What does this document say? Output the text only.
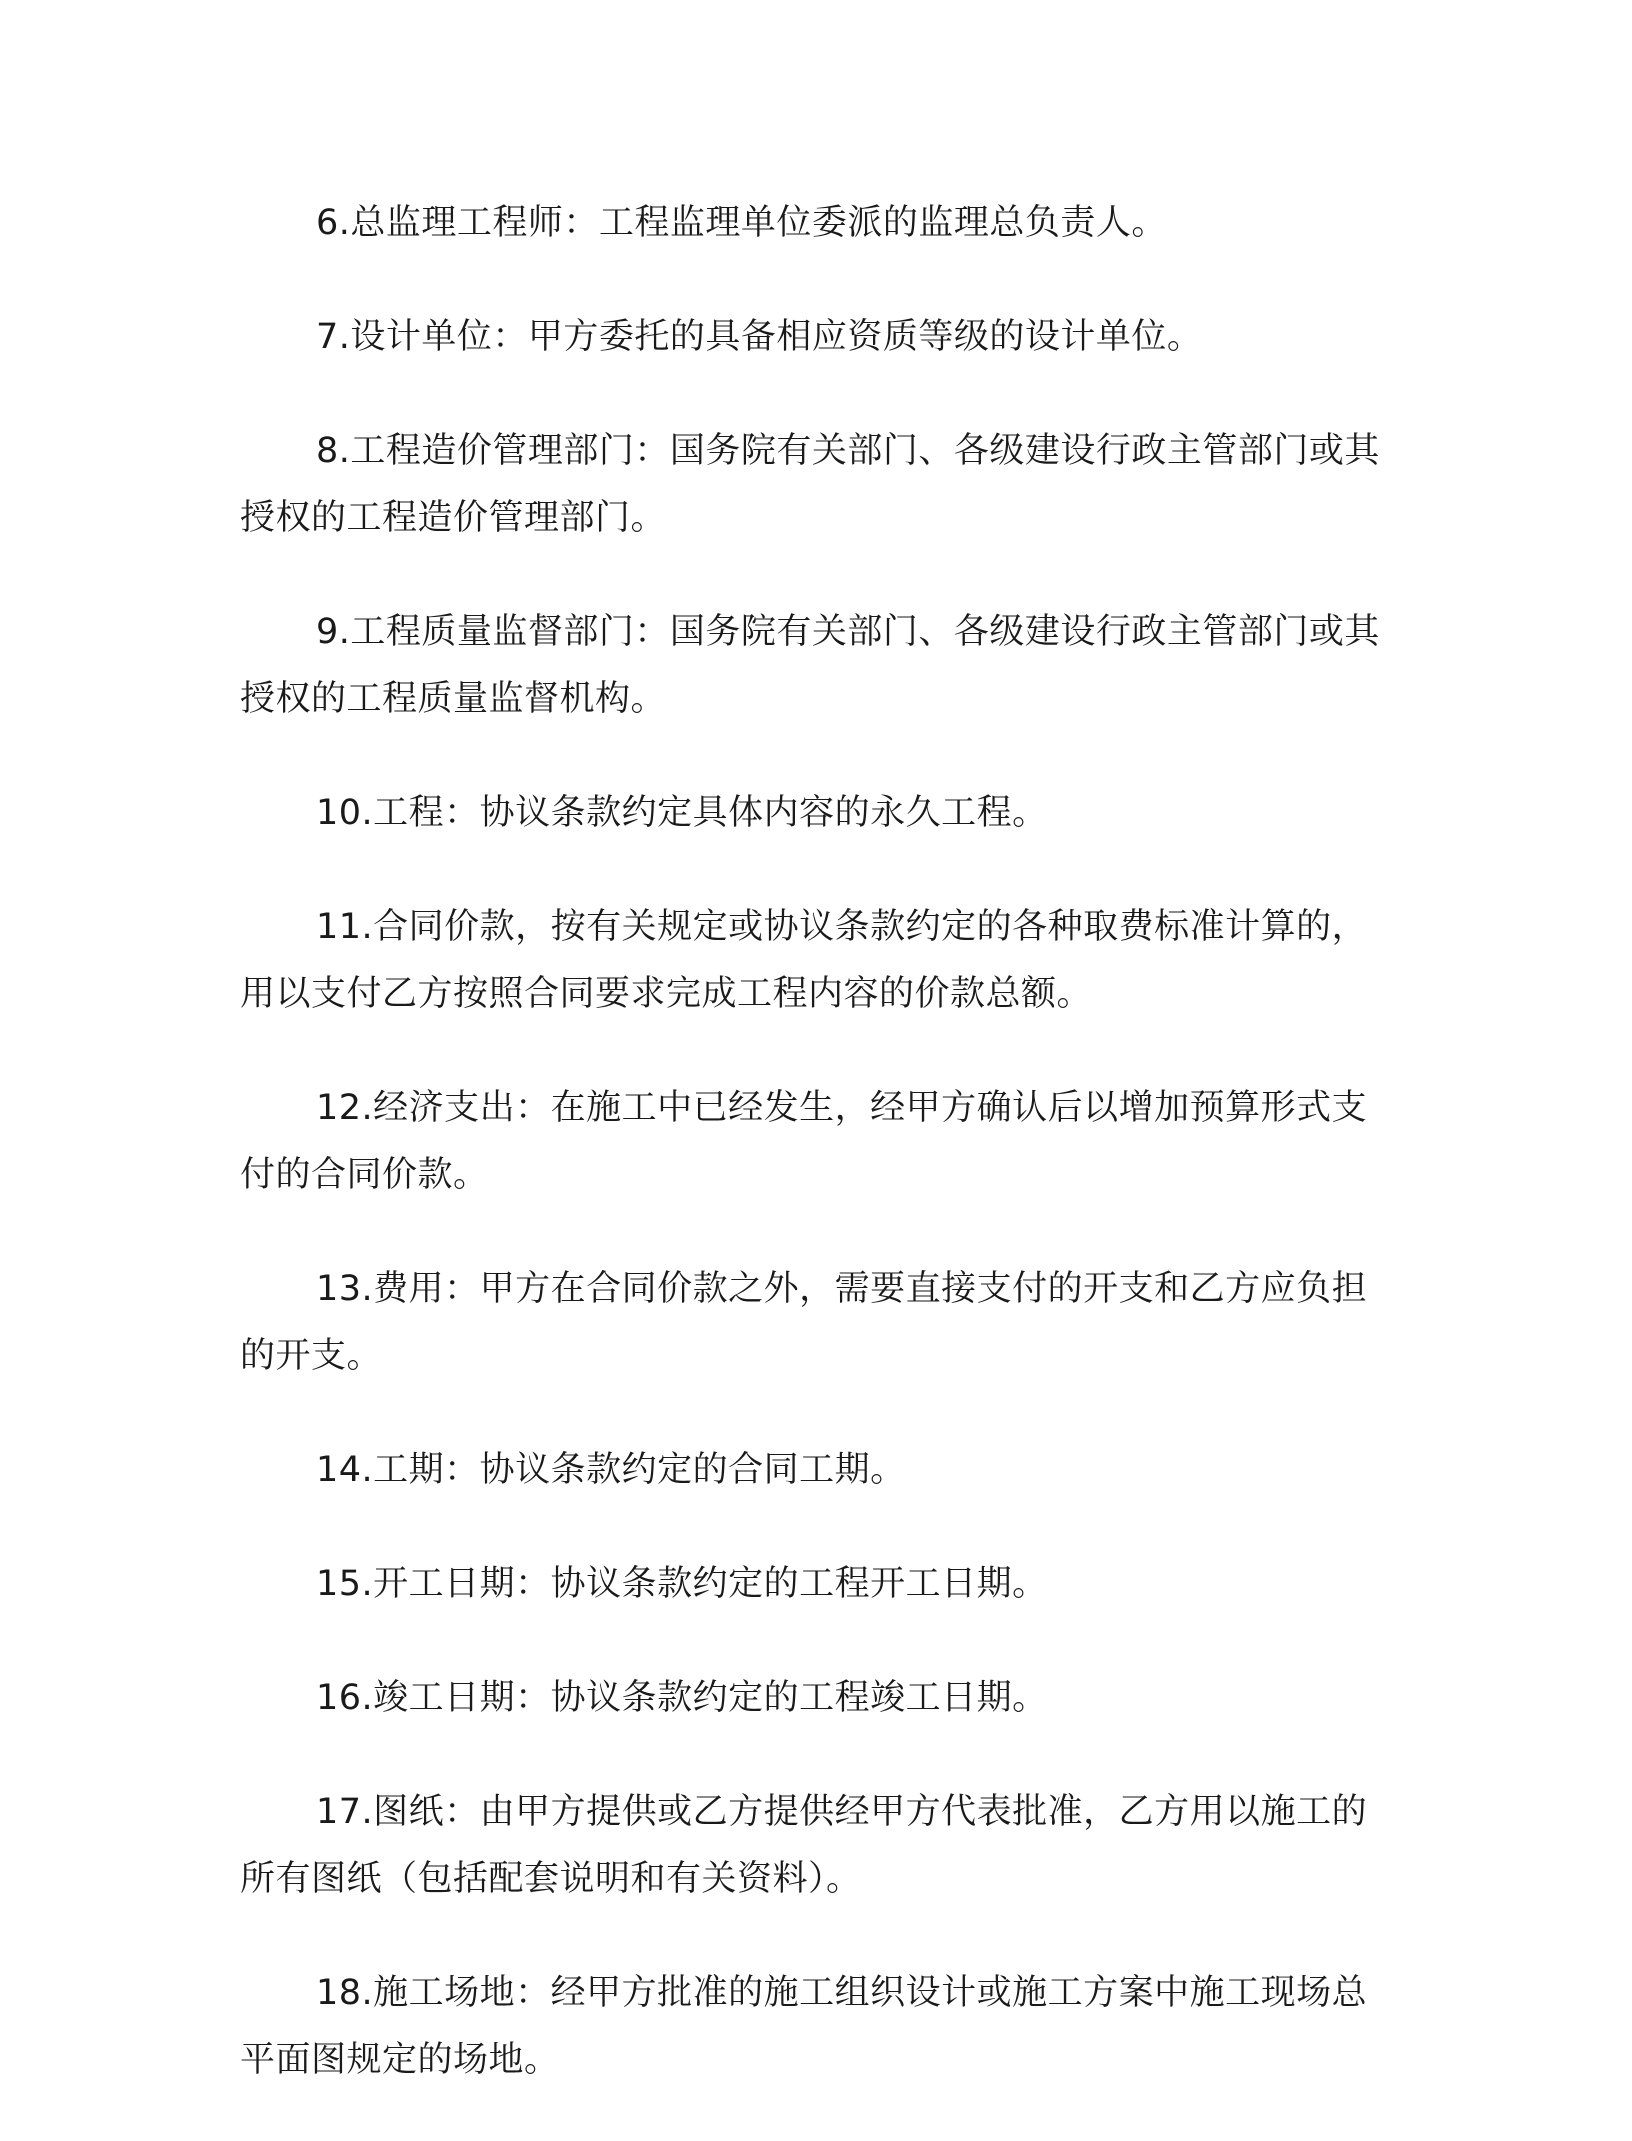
6.总监理工程师：工程监理单位委派的监理总负责人。

7.设计单位：甲方委托的具备相应资质等级的设计单位。

8.工程造价管理部门：国务院有关部门、各级建设行政主管部门或其授权的工程造价管理部门。

9.工程质量监督部门：国务院有关部门、各级建设行政主管部门或其授权的工程质量监督机构。

10.工程：协议条款约定具体内容的永久工程。

11.合同价款，按有关规定或协议条款约定的各种取费标准计算的，用以支付乙方按照合同要求完成工程内容的价款总额。

12.经济支出：在施工中已经发生，经甲方确认后以增加预算形式支付的合同价款。

13.费用：甲方在合同价款之外，需要直接支付的开支和乙方应负担的开支。

14.工期：协议条款约定的合同工期。

15.开工日期：协议条款约定的工程开工日期。

16.竣工日期：协议条款约定的工程竣工日期。

17.图纸：由甲方提供或乙方提供经甲方代表批准，乙方用以施工的所有图纸（包括配套说明和有关资料）。

18.施工场地：经甲方批准的施工组织设计或施工方案中施工现场总平面图规定的场地。
